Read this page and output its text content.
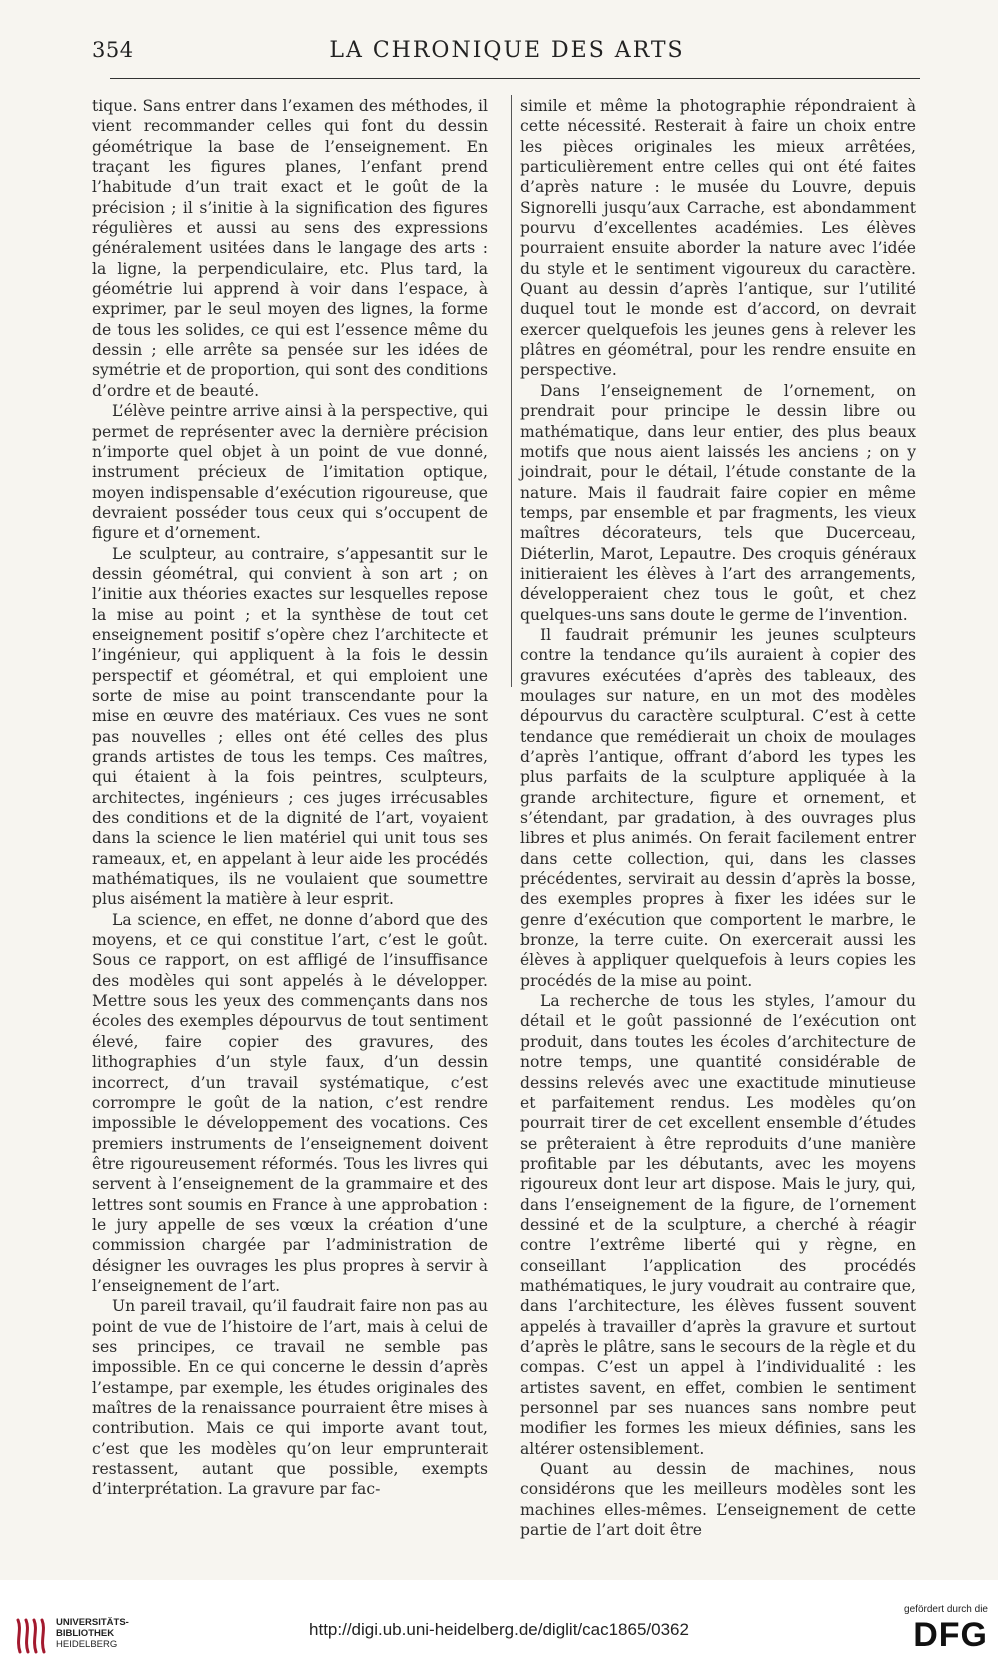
354	LA CHRONIQUE DES ARTS

tique. Sans entrer dans l’examen des méthodes, il vient recommander celles qui font du dessin géométrique la base de l’enseignement. En traçant les figures planes, l’enfant prend l’habitude d’un trait exact et le goût de la précision ; il s’initie à la signification des figures régulières et aussi au sens des expressions généralement usitées dans le langage des arts : la ligne, la perpendiculaire, etc. Plus tard, la géométrie lui apprend à voir dans l’espace, à exprimer, par le seul moyen des lignes, la forme de tous les solides, ce qui est l’essence même du dessin ; elle arrête sa pensée sur les idées de symétrie et de proportion, qui sont des conditions d’ordre et de beauté.

L’élève peintre arrive ainsi à la perspective, qui permet de représenter avec la dernière précision n’importe quel objet à un point de vue donné, instrument précieux de l’imitation optique, moyen indispensable d’exécution rigoureuse, que devraient posséder tous ceux qui s’occupent de figure et d’ornement.

Le sculpteur, au contraire, s’appesantit sur le dessin géométral, qui convient à son art ; on l’initie aux théories exactes sur lesquelles repose la mise au point ; et la synthèse de tout cet enseignement positif s’opère chez l’architecte et l’ingénieur, qui appliquent à la fois le dessin perspectif et géométral, et qui emploient une sorte de mise au point transcendante pour la mise en œuvre des matériaux. Ces vues ne sont pas nouvelles ; elles ont été celles des plus grands artistes de tous les temps. Ces maîtres, qui étaient à la fois peintres, sculpteurs, architectes, ingénieurs ; ces juges irrécusables des conditions et de la dignité de l’art, voyaient dans la science le lien matériel qui unit tous ses rameaux, et, en appelant à leur aide les procédés mathématiques, ils ne voulaient que soumettre plus aisément la matière à leur esprit.

La science, en effet, ne donne d’abord que des moyens, et ce qui constitue l’art, c’est le goût. Sous ce rapport, on est affligé de l’insuffisance des modèles qui sont appelés à le développer. Mettre sous les yeux des commençants dans nos écoles des exemples dépourvus de tout sentiment élevé, faire copier des gravures, des lithographies d’un style faux, d’un dessin incorrect, d’un travail systématique, c’est corrompre le goût de la nation, c’est rendre impossible le développement des vocations. Ces premiers instruments de l’enseignement doivent être rigoureusement réformés. Tous les livres qui servent à l’enseignement de la grammaire et des lettres sont soumis en France à une approbation : le jury appelle de ses vœux la création d’une commission chargée par l’administration de désigner les ouvrages les plus propres à servir à l’enseignement de l’art.

Un pareil travail, qu’il faudrait faire non pas au point de vue de l’histoire de l’art, mais à celui de ses principes, ce travail ne semble pas impossible. En ce qui concerne le dessin d’après l’estampe, par exemple, les études originales des maîtres de la renaissance pourraient être mises à contribution. Mais ce qui importe avant tout, c’est que les modèles qu’on leur emprunterait restassent, autant que possible, exempts d’interprétation. La gravure par fac-

simile et même la photographie répondraient à cette nécessité. Resterait à faire un choix entre les pièces originales les mieux arrêtées, particulièrement entre celles qui ont été faites d’après nature : le musée du Louvre, depuis Signorelli jusqu’aux Carrache, est abondamment pourvu d’excellentes académies. Les élèves pourraient ensuite aborder la nature avec l’idée du style et le sentiment vigoureux du caractère. Quant au dessin d’après l’antique, sur l’utilité duquel tout le monde est d’accord, on devrait exercer quelquefois les jeunes gens à relever les plâtres en géométral, pour les rendre ensuite en perspective.

Dans l’enseignement de l’ornement, on prendrait pour principe le dessin libre ou mathématique, dans leur entier, des plus beaux motifs que nous aient laissés les anciens ; on y joindrait, pour le détail, l’étude constante de la nature. Mais il faudrait faire copier en même temps, par ensemble et par fragments, les vieux maîtres décorateurs, tels que Ducerceau, Diéterlin, Marot, Lepautre. Des croquis généraux initieraient les élèves à l’art des arrangements, développeraient chez tous le goût, et chez quelques-uns sans doute le germe de l’invention.

Il faudrait prémunir les jeunes sculpteurs contre la tendance qu’ils auraient à copier des gravures exécutées d’après des tableaux, des moulages sur nature, en un mot des modèles dépourvus du caractère sculptural. C’est à cette tendance que remédierait un choix de moulages d’après l’antique, offrant d’abord les types les plus parfaits de la sculpture appliquée à la grande architecture, figure et ornement, et s’étendant, par gradation, à des ouvrages plus libres et plus animés. On ferait facilement entrer dans cette collection, qui, dans les classes précédentes, servirait au dessin d’après la bosse, des exemples propres à fixer les idées sur le genre d’exécution que comportent le marbre, le bronze, la terre cuite. On exercerait aussi les élèves à appliquer quelquefois à leurs copies les procédés de la mise au point.

La recherche de tous les styles, l’amour du détail et le goût passionné de l’exécution ont produit, dans toutes les écoles d’architecture de notre temps, une quantité considérable de dessins relevés avec une exactitude minutieuse et parfaitement rendus. Les modèles qu’on pourrait tirer de cet excellent ensemble d’études se prêteraient à être reproduits d’une manière profitable par les débutants, avec les moyens rigoureux dont leur art dispose. Mais le jury, qui, dans l’enseignement de la figure, de l’ornement dessiné et de la sculpture, a cherché à réagir contre l’extrême liberté qui y règne, en conseillant l’application des procédés mathématiques, le jury voudrait au contraire que, dans l’architecture, les élèves fussent souvent appelés à travailler d’après la gravure et surtout d’après le plâtre, sans le secours de la règle et du compas. C’est un appel à l’individualité : les artistes savent, en effet, combien le sentiment personnel par ses nuances sans nombre peut modifier les formes les mieux définies, sans les altérer ostensiblement.

Quant au dessin de machines, nous considérons que les meilleurs modèles sont les machines elles-mêmes. L’enseignement de cette partie de l’art doit être

UNIVERSITÄTS-
BIBLIOTHEK
HEIDELBERG
http://digi.ub.uni-heidelberg.de/diglit/cac1865/0362
gefördert durch die
DFG
